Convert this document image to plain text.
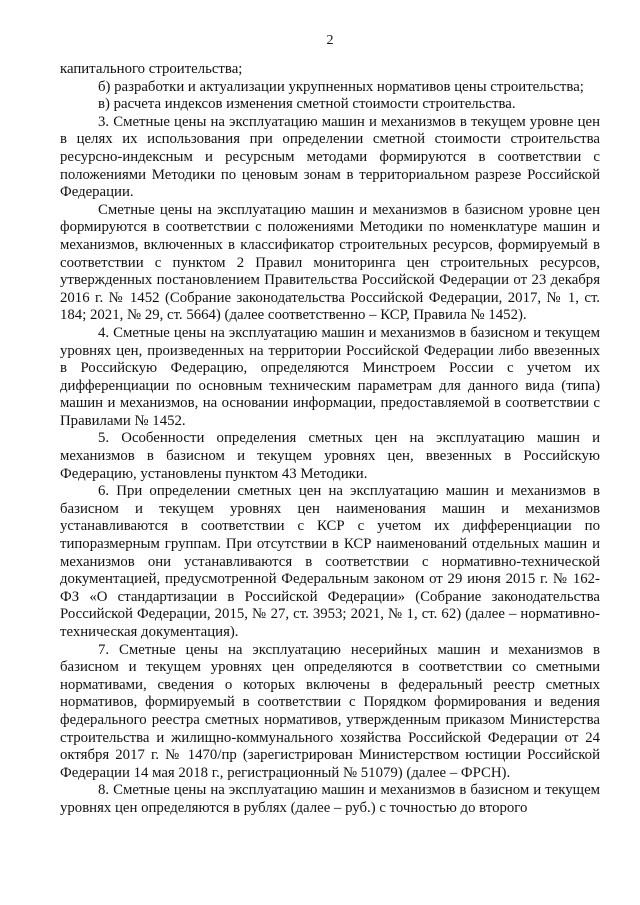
2

капитального строительства;

б) разработки и актуализации укрупненных нормативов цены строительства;

в) расчета индексов изменения сметной стоимости строительства.

3. Сметные цены на эксплуатацию машин и механизмов в текущем уровне цен в целях их использования при определении сметной стоимости строительства ресурсно-индексным и ресурсным методами формируются в соответствии с положениями Методики по ценовым зонам в территориальном разрезе Российской Федерации.

Сметные цены на эксплуатацию машин и механизмов в базисном уровне цен формируются в соответствии с положениями Методики по номенклатуре машин и механизмов, включенных в классификатор строительных ресурсов, формируемый в соответствии с пунктом 2 Правил мониторинга цен строительных ресурсов, утвержденных постановлением Правительства Российской Федерации от 23 декабря 2016 г. № 1452 (Собрание законодательства Российской Федерации, 2017, № 1, ст. 184; 2021, № 29, ст. 5664) (далее соответственно – КСР, Правила № 1452).

4. Сметные цены на эксплуатацию машин и механизмов в базисном и текущем уровнях цен, произведенных на территории Российской Федерации либо ввезенных в Российскую Федерацию, определяются Минстроем России с учетом их дифференциации по основным техническим параметрам для данного вида (типа) машин и механизмов, на основании информации, предоставляемой в соответствии с Правилами № 1452.

5. Особенности определения сметных цен на эксплуатацию машин и механизмов в базисном и текущем уровнях цен, ввезенных в Российскую Федерацию, установлены пунктом 43 Методики.

6. При определении сметных цен на эксплуатацию машин и механизмов в базисном и текущем уровнях цен наименования машин и механизмов устанавливаются в соответствии с КСР с учетом их дифференциации по типоразмерным группам. При отсутствии в КСР наименований отдельных машин и механизмов они устанавливаются в соответствии с нормативно-технической документацией, предусмотренной Федеральным законом от 29 июня 2015 г. № 162-ФЗ «О стандартизации в Российской Федерации» (Собрание законодательства Российской Федерации, 2015, № 27, ст. 3953; 2021, № 1, ст. 62) (далее – нормативно-техническая документация).

7. Сметные цены на эксплуатацию несерийных машин и механизмов в базисном и текущем уровнях цен определяются в соответствии со сметными нормативами, сведения о которых включены в федеральный реестр сметных нормативов, формируемый в соответствии с Порядком формирования и ведения федерального реестра сметных нормативов, утвержденным приказом Министерства строительства и жилищно-коммунального хозяйства Российской Федерации от 24 октября 2017 г. № 1470/пр (зарегистрирован Министерством юстиции Российской Федерации 14 мая 2018 г., регистрационный № 51079) (далее – ФРСН).

8. Сметные цены на эксплуатацию машин и механизмов в базисном и текущем уровнях цен определяются в рублях (далее – руб.) с точностью до второго
